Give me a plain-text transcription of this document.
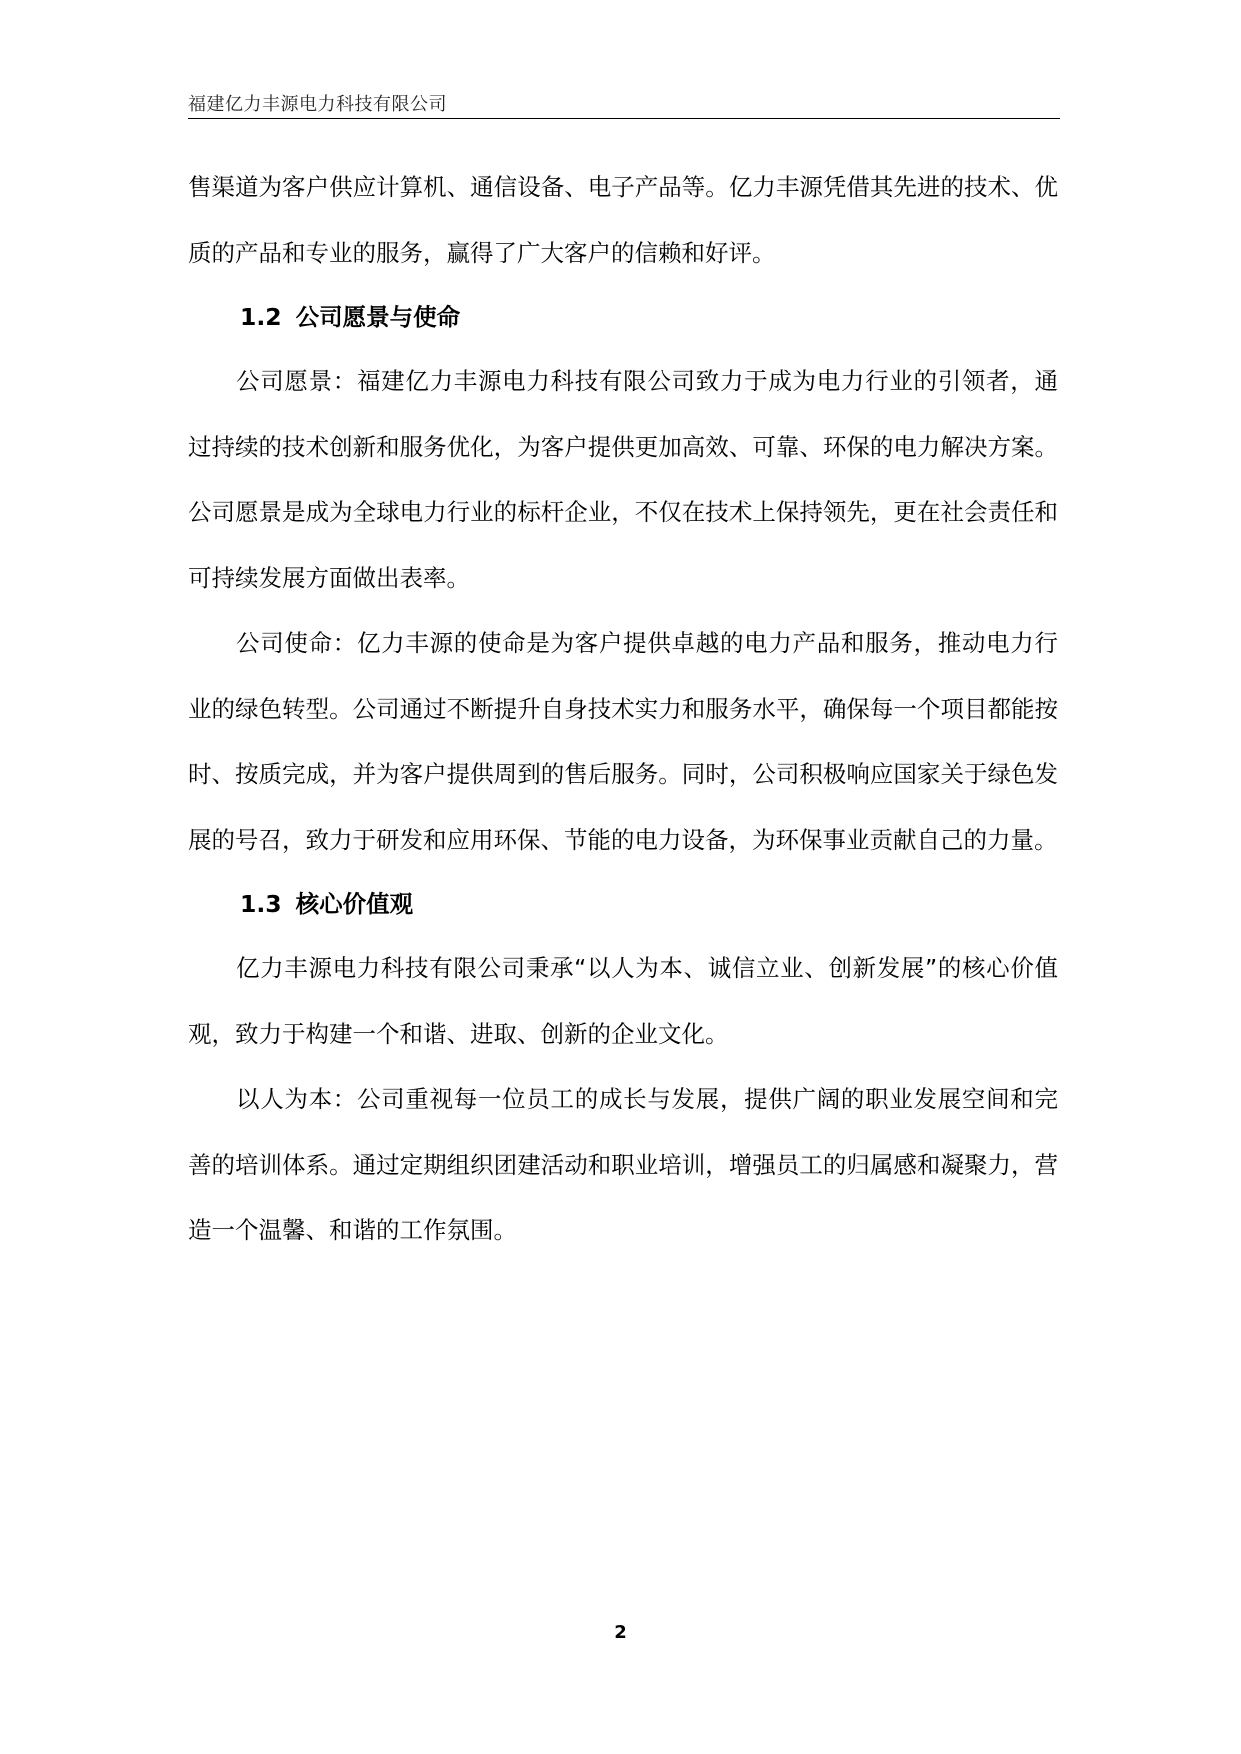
福建亿力丰源电力科技有限公司

售渠道为客户供应计算机、通信设备、电子产品等。亿力丰源凭借其先进的技术、优质的产品和专业的服务，赢得了广大客户的信赖和好评。

1.2 公司愿景与使命

公司愿景：福建亿力丰源电力科技有限公司致力于成为电力行业的引领者，通过持续的技术创新和服务优化，为客户提供更加高效、可靠、环保的电力解决方案。公司愿景是成为全球电力行业的标杆企业，不仅在技术上保持领先，更在社会责任和可持续发展方面做出表率。

公司使命：亿力丰源的使命是为客户提供卓越的电力产品和服务，推动电力行业的绿色转型。公司通过不断提升自身技术实力和服务水平，确保每一个项目都能按时、按质完成，并为客户提供周到的售后服务。同时，公司积极响应国家关于绿色发展的号召，致力于研发和应用环保、节能的电力设备，为环保事业贡献自己的力量。

1.3 核心价值观

亿力丰源电力科技有限公司秉承“以人为本、诚信立业、创新发展”的核心价值观，致力于构建一个和谐、进取、创新的企业文化。

以人为本：公司重视每一位员工的成长与发展，提供广阔的职业发展空间和完善的培训体系。通过定期组织团建活动和职业培训，增强员工的归属感和凝聚力，营造一个温馨、和谐的工作氛围。

2
